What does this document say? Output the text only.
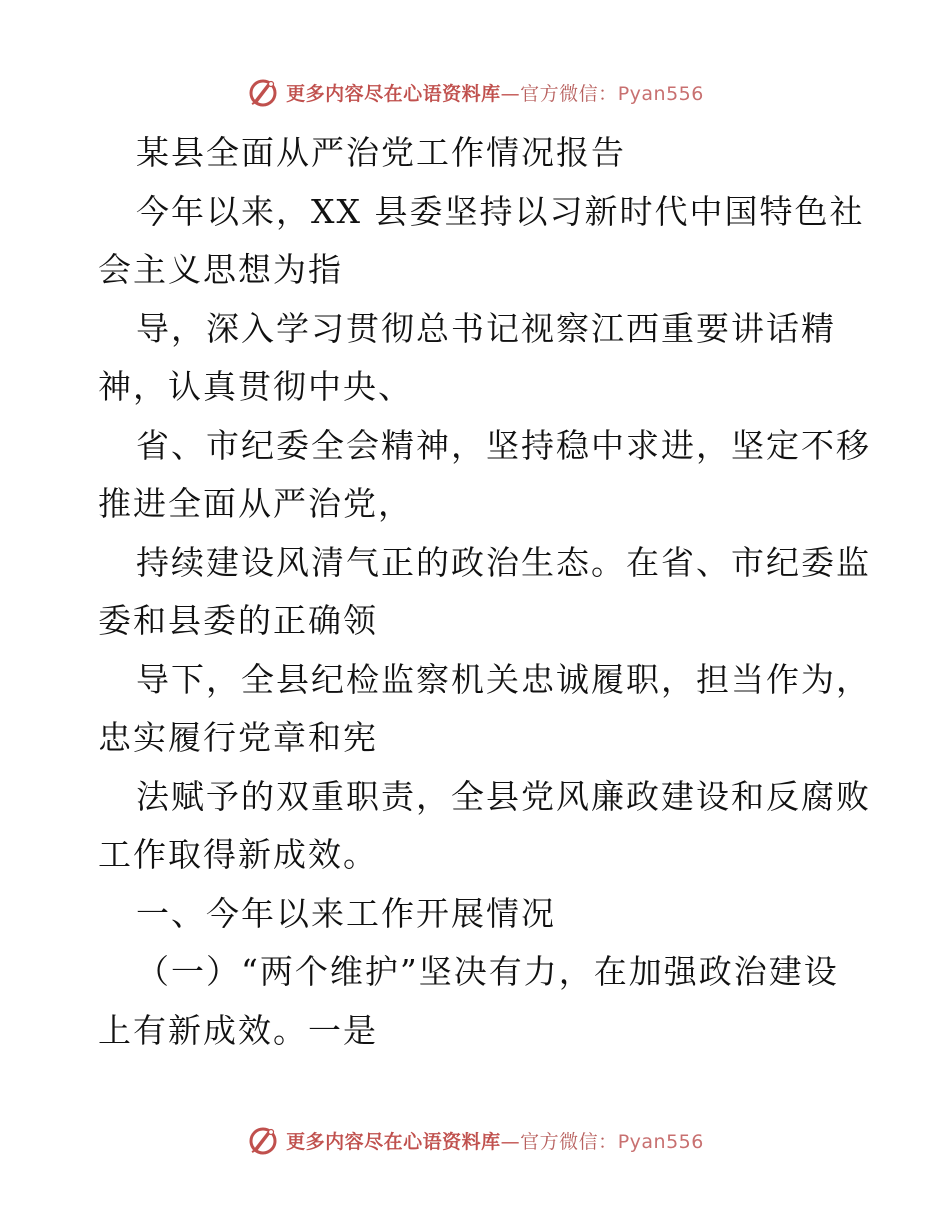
更多内容尽在心语资料库—官方微信：Pyan556
某县全面从严治党工作情况报告
今年以来，XX 县委坚持以习新时代中国特色社
会主义思想为指
导，深入学习贯彻总书记视察江西重要讲话精
神，认真贯彻中央、
省、市纪委全会精神，坚持稳中求进，坚定不移
推进全面从严治党，
持续建设风清气正的政治生态。在省、市纪委监
委和县委的正确领
导下，全县纪检监察机关忠诚履职，担当作为，
忠实履行党章和宪
法赋予的双重职责，全县党风廉政建设和反腐败
工作取得新成效。
一、今年以来工作开展情况
（一）“两个维护”坚决有力，在加强政治建设
上有新成效。一是
更多内容尽在心语资料库—官方微信：Pyan556
